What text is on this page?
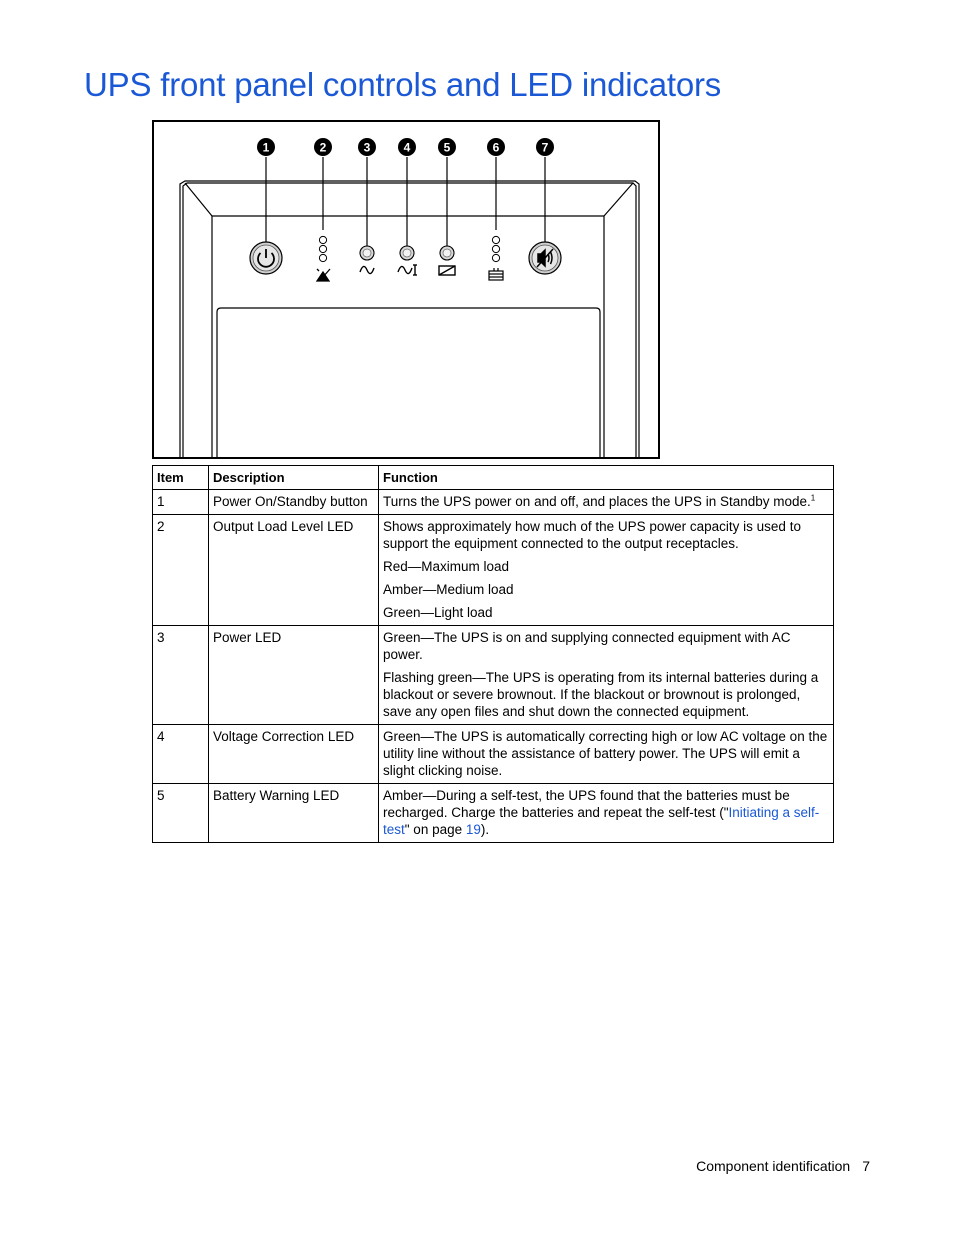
UPS front panel controls and LED indicators
1	2	3	4	5	6	7
Item	Description	Function
1	Power On/Standby button	Turns the UPS power on and off, and places the UPS in Standby mode.$^1$

2	Output Load Level LED	Shows approximately how much of the UPS power capacity is used to support the equipment connected to the output receptacles.

Red—Maximum load

Amber—Medium load

Green—Light load

3	Power LED	Green—The UPS is on and supplying connected equipment with AC power.

Flashing green—The UPS is operating from its internal batteries during a blackout or severe brownout. If the blackout or brownout is prolonged, save any open files and shut down the connected equipment.

4	Voltage Correction LED	Green—The UPS is automatically correcting high or low AC voltage on the utility line without the assistance of battery power. The UPS will emit a slight clicking noise.

5	Battery Warning LED	Amber—During a self-test, the UPS found that the batteries must be recharged. Charge the batteries and repeat the self-test ("Initiating a self-test" on page 19).

Component identification 7
